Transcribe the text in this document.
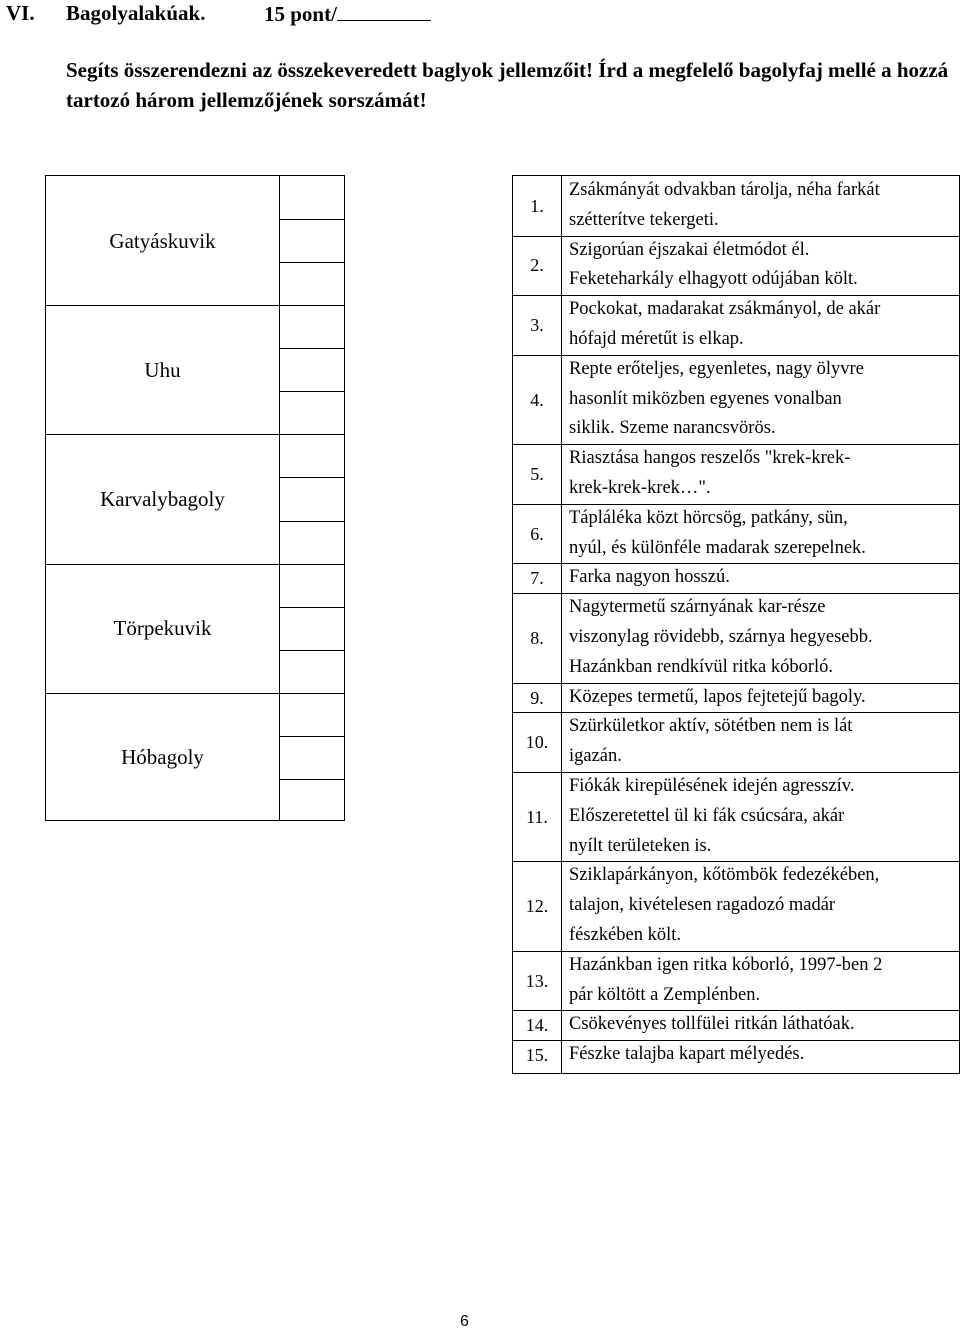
VI. Bagolyalakúak.	15 pont/
Segíts összerendezni az összekeveredett baglyok jellemzőit! Írd a megfelelő bagolyfaj mellé a hozzá tartozó három jellemzőjének sorszámát!
Gatyáskuvik
Uhu
Karvalybagoly
Törpekuvik
Hóbagoly
1.
Zsákmányát odvakban tárolja, néha farkát
szétterítve tekergeti.
2.
Szigorúan éjszakai életmódot él.
Feketeharkály elhagyott odújában költ.
3.
Pockokat, madarakat zsákmányol, de akár
hófajd méretűt is elkap.
4.
Repte erőteljes, egyenletes, nagy ölyvre
hasonlít miközben egyenes vonalban
siklik. Szeme narancsvörös.
5.
Riasztása hangos reszelős "krek-krek-
krek-krek-krek…".
6.
Tápláléka közt hörcsög, patkány, sün,
nyúl, és különféle madarak szerepelnek.
7.	Farka nagyon hosszú.
8.
Nagytermetű szárnyának kar-része
viszonylag rövidebb, szárnya hegyesebb.
Hazánkban rendkívül ritka kóborló.
9.	Közepes termetű, lapos fejtetejű bagoly.
10.
Szürkületkor aktív, sötétben nem is lát
igazán.
11.
Fiókák kirepülésének idején agresszív.
Előszeretettel ül ki fák csúcsára, akár
nyílt területeken is.
12.
Sziklapárkányon, kőtömbök fedezékében,
talajon, kivételesen ragadozó madár
fészkében költ.
13.
Hazánkban igen ritka kóborló, 1997-ben 2
pár költött a Zemplénben.
14.	Csökevényes tollfülei ritkán láthatóak.
15.	Fészke talajba kapart mélyedés.
6
